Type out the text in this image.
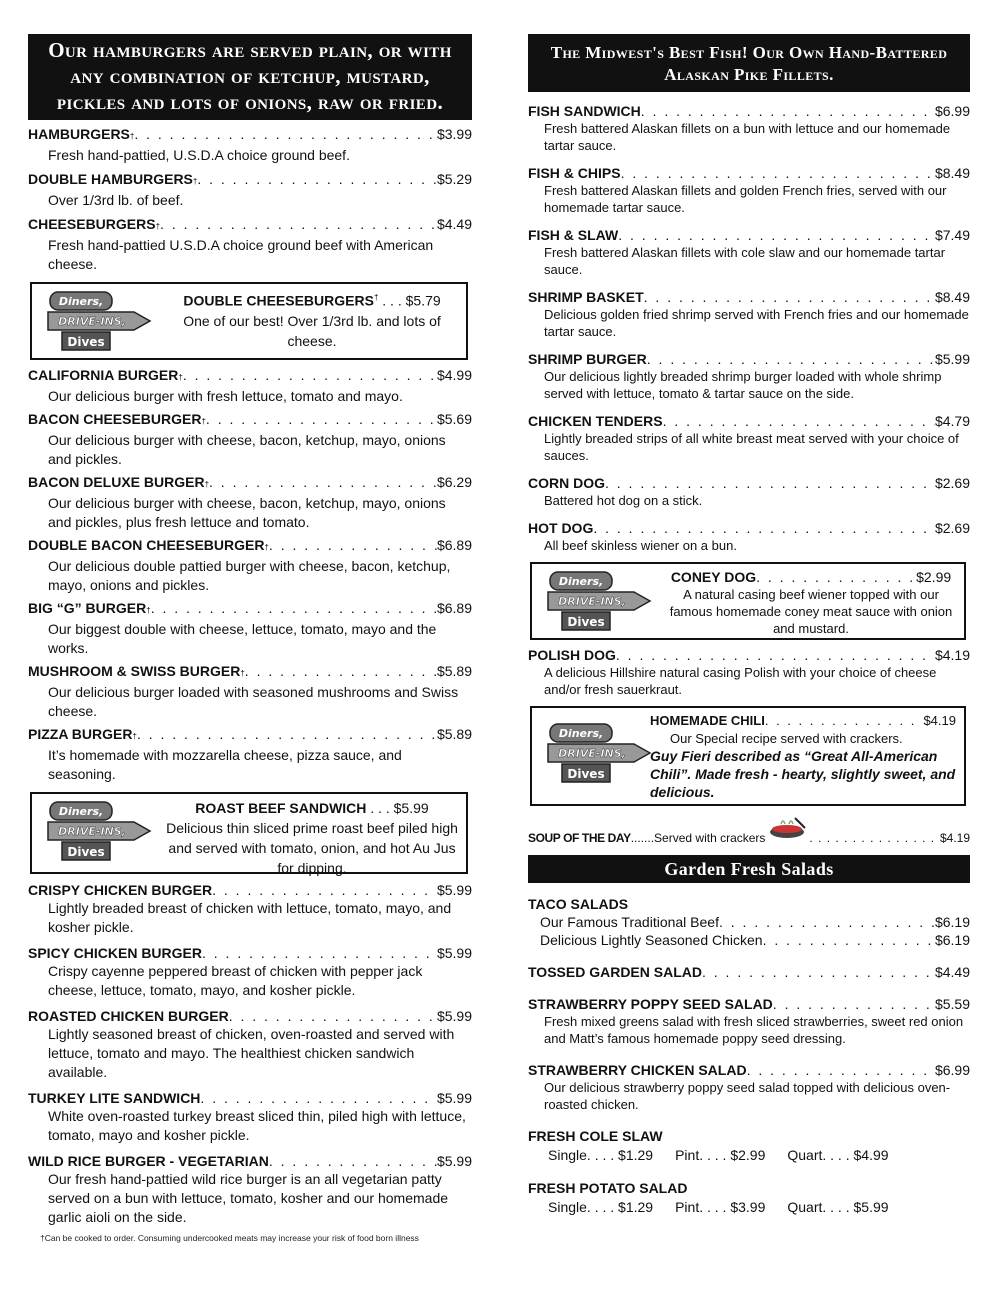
Our hamburgers are served plain, or with any combination of ketchup, mustard, pickles and lots of onions, raw or fried.
HAMBURGERS † . . .	$3.99
Fresh hand-pattied, U.S.D.A choice ground beef.
DOUBLE HAMBURGERS † . . .	$5.29
Over 1/3rd lb. of beef.
CHEESEBURGERS † . . .	$4.49
Fresh hand-pattied U.S.D.A choice ground beef with American cheese.
Diners,
DRIVE-INS,
Dives
DOUBLE CHEESEBURGERS† . . . $5.79
One of our best! Over 1/3rd lb. and lots of cheese.
CALIFORNIA BURGER † . . .	$4.99
Our delicious burger with fresh lettuce, tomato and mayo.
BACON CHEESEBURGER † . . .	$5.69
Our delicious burger with cheese, bacon, ketchup, mayo, onions and pickles.
BACON DELUXE BURGER † . . .	$6.29
Our delicious burger with cheese, bacon, ketchup, mayo, onions and pickles, plus fresh lettuce and tomato.
DOUBLE BACON CHEESEBURGER † . . .	$6.89
Our delicious double pattied burger with cheese, bacon, ketchup, mayo, onions and pickles.
BIG “G” BURGER † . . .	$6.89
Our biggest double with cheese, lettuce, tomato, mayo and the works.
MUSHROOM & SWISS BURGER † . . .	$5.89
Our delicious burger loaded with seasoned mushrooms and Swiss cheese.
PIZZA BURGER † . . .	$5.89
It’s homemade with mozzarella cheese, pizza sauce, and seasoning.
Diners,
DRIVE-INS,
Dives
ROAST BEEF SANDWICH . . . $5.99
Delicious thin sliced prime roast beef piled high and served with tomato, onion, and hot Au Jus for dipping.
CRISPY CHICKEN BURGER . . .	$5.99
Lightly breaded breast of chicken with lettuce, tomato, mayo, and kosher pickle.
SPICY CHICKEN BURGER . . .	$5.99
Crispy cayenne peppered breast of chicken with pepper jack cheese, lettuce, tomato, mayo, and kosher pickle.
ROASTED CHICKEN BURGER . . .	$5.99
Lightly seasoned breast of chicken, oven-roasted and served with lettuce, tomato and mayo. The healthiest chicken sandwich available.
TURKEY LITE SANDWICH . . .	$5.99
White oven-roasted turkey breast sliced thin, piled high with lettuce, tomato, mayo and kosher pickle.
WILD RICE BURGER - VEGETARIAN . . .	$5.99
Our fresh hand-pattied wild rice burger is an all vegetarian patty served on a bun with lettuce, tomato, kosher and our homemade garlic aioli on the side.
†Can be cooked to order. Consuming undercooked meats may increase your risk of food born illness
The Midwest's Best Fish! Our Own Hand-Battered Alaskan Pike Fillets.
FISH SANDWICH . . .	$6.99
Fresh battered Alaskan fillets on a bun with lettuce and our homemade tartar sauce.
FISH & CHIPS . . .	$8.49
Fresh battered Alaskan fillets and golden French fries, served with our homemade tartar sauce.
FISH & SLAW . . .	$7.49
Fresh battered Alaskan fillets with cole slaw and our homemade tartar sauce.
SHRIMP BASKET . . .	$8.49
Delicious golden fried shrimp served with French fries and our homemade tartar sauce.
SHRIMP BURGER . . .	$5.99
Our delicious lightly breaded shrimp burger loaded with whole shrimp served with lettuce, tomato & tartar sauce on the side.
CHICKEN TENDERS . . .	$4.79
Lightly breaded strips of all white breast meat served with your choice of sauces.
CORN DOG . . .	$2.69
Battered hot dog on a stick.
HOT DOG . . .	$2.69
All beef skinless wiener on a bun.
Diners,
DRIVE-INS,
Dives
CONEY DOG . . .	$2.99
A natural casing beef wiener topped with our famous homemade coney meat sauce with onion and mustard.
POLISH DOG . . .	$4.19
A delicious Hillshire natural casing Polish with your choice of cheese and/or fresh sauerkraut.
Diners,
DRIVE-INS,
Dives
HOMEMADE CHILI . . .	$4.19
Our Special recipe served with crackers.
Guy Fieri described as “Great All-American Chili”. Made fresh - hearty, slightly sweet, and delicious.
SOUP OF THE DAY .......Served with crackers . . .	$4.19
Garden Fresh Salads
TACO SALADS
Our Famous Traditional Beef . . .	$6.19
Delicious Lightly Seasoned Chicken . . .	$6.19
TOSSED GARDEN SALAD . . .	$4.49
STRAWBERRY POPPY SEED SALAD . . .	$5.59
Fresh mixed greens salad with fresh sliced strawberries, sweet red onion and Matt’s famous homemade poppy seed dressing.
STRAWBERRY CHICKEN SALAD . . .	$6.99
Our delicious strawberry poppy seed salad topped with delicious oven-roasted chicken.
FRESH COLE SLAW
Single. . . . $1.29 Pint. . . . $2.99 Quart. . . . $4.99
FRESH POTATO SALAD
Single. . . . $1.29 Pint. . . . $3.99 Quart. . . . $5.99
